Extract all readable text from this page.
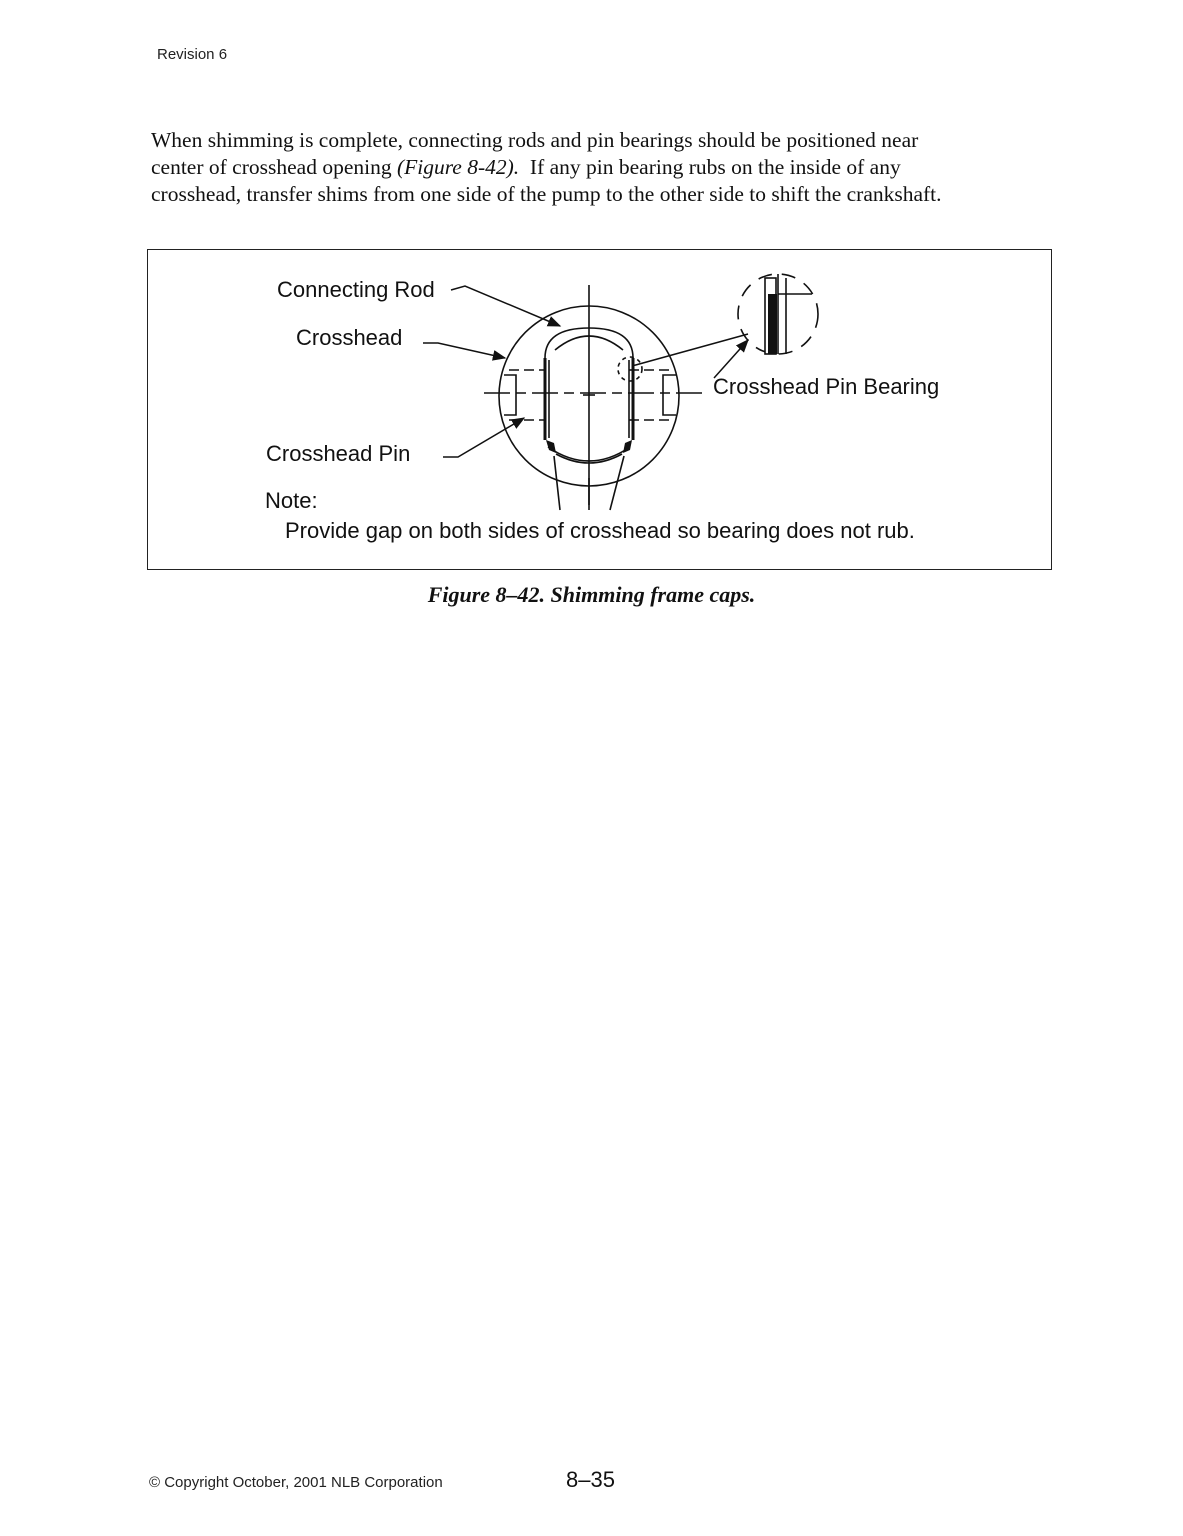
Revision 6
When shimming is complete, connecting rods and pin bearings should be positioned near
center of crosshead opening (Figure 8-42).  If any pin bearing rubs on the inside of any
crosshead, transfer shims from one side of the pump to the other side to shift the crankshaft.
Connecting Rod
Crosshead
Crosshead Pin Bearing
Crosshead Pin
Note:
Provide gap on both sides of crosshead so bearing does not rub.
Figure 8–42. Shimming frame caps.
© Copyright October, 2001 NLB Corporation	8–35
